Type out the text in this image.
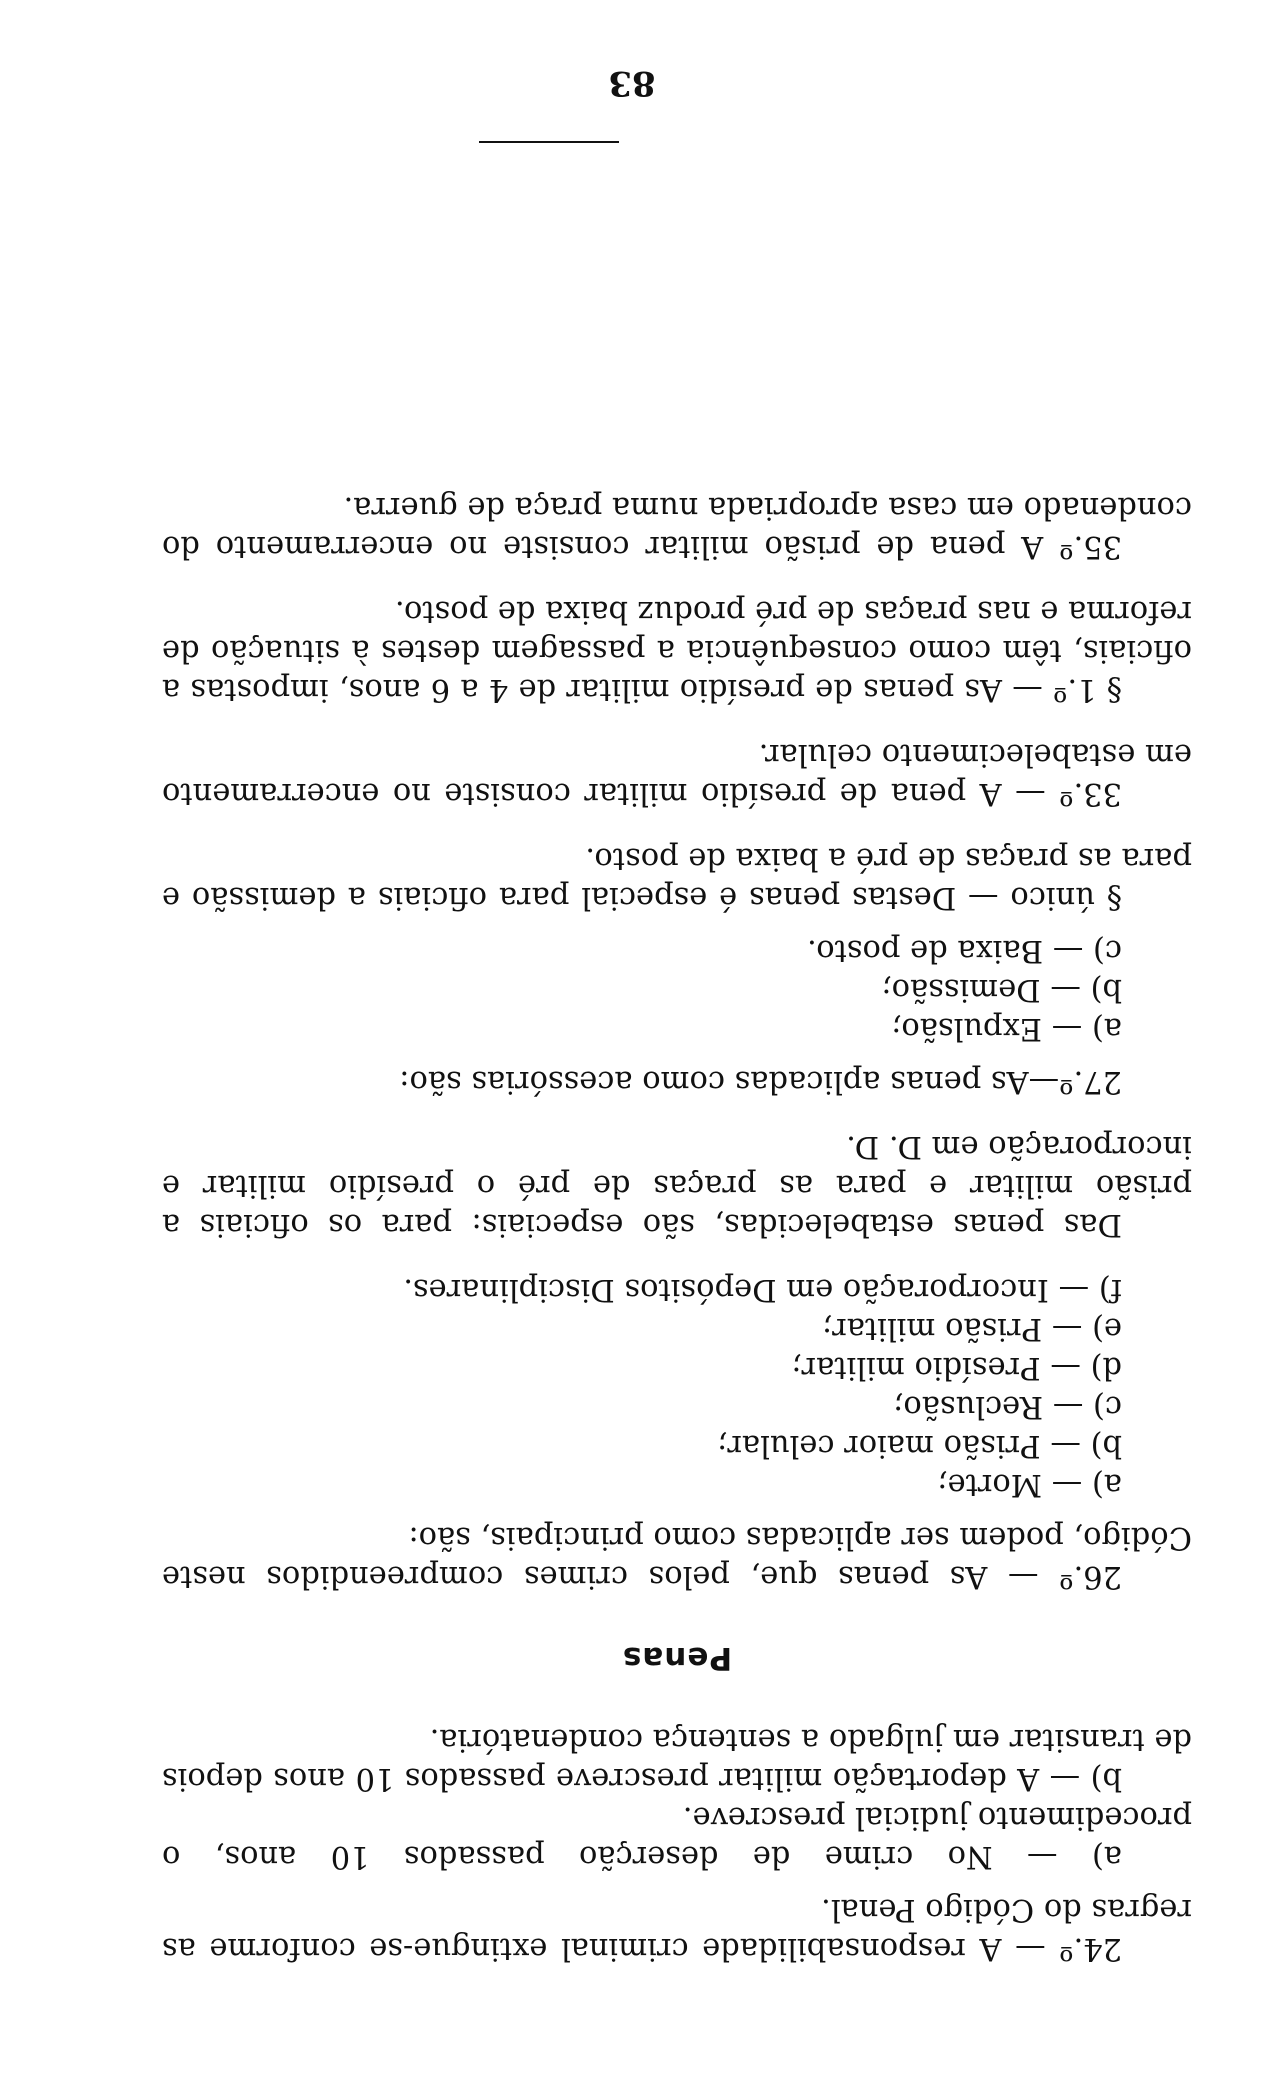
24.º — A responsabilidade criminal extingue-se conforme as regras do Código Penal.

a) — No crime de deserção passados 10 anos, o procedimento judicial prescreve.

b) — A deportação militar prescreve passados 10 anos depois de transitar em julgado a sentença condenatória.

Penas

26.º — As penas que, pelos crimes compreendidos neste Código, podem ser aplicadas como principais, são:

a) — Morte;

b) — Prisão maior celular;

c) — Reclusão;

d) — Presídio militar;

e) — Prisão militar;

f) — Incorporação em Depósitos Disciplinares.

Das penas estabelecidas, são especiais: para os oficiais a prisão militar e para as praças de pré o presídio militar e incorporação em D. D.

27.º—As penas aplicadas como acessórias são:

a) — Expulsão;

b) — Demissão;

c) — Baixa de posto.

§ único — Destas penas é especial para oficiais a demissão e para as praças de pré a baixa de posto.

33.º — A pena de presídio militar consiste no encerramento em estabelecimento celular.

§ 1.º — As penas de presídio militar de 4 a 6 anos, impostas a oficiais, têm como consequência a passagem destes à situação de reforma e nas praças de pré produz baixa de posto.

35.º A pena de prisão militar consiste no encerramento do condenado em casa apropriada numa praça de guerra.

83
